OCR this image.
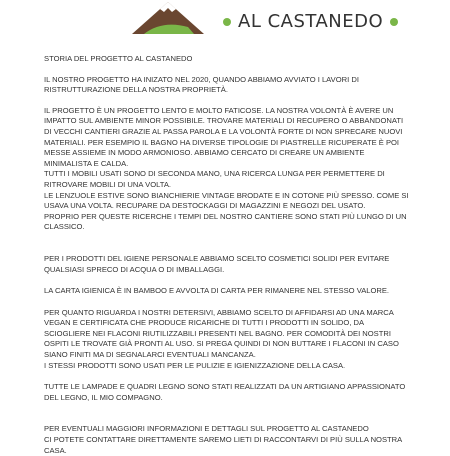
AL CASTANEDO

STORIA DEL PROGETTO AL CASTANEDO

IL NOSTRO PROGETTO HA INIZATO NEL 2020, QUANDO ABBIAMO AVVIATO I LAVORI DI RISTRUTTURAZIONE DELLA NOSTRA PROPRIETÀ.

IL PROGETTO È UN PROGETTO LENTO E MOLTO FATICOSE. LA NOSTRA VOLONTÀ È AVERE UN IMPATTO SUL AMBIENTE MINOR POSSIBILE. TROVARE MATERIALI DI RECUPERO O ABBANDONATI DI VECCHI CANTIERI GRAZIE AL PASSA PAROLA E LA VOLONTÀ FORTE DI NON SPRECARE NUOVI MATERIALI. PER ESEMPIO IL BAGNO HA DIVERSE TIPOLOGIE DI PIASTRELLE RICUPERATE È POI MESSE ASSIEME IN MODO ARMONIOSO. ABBIAMO CERCATO DI CREARE UN AMBIENTE MINIMALISTA E CALDA.

TUTTI I MOBILI USATI SONO DI SECONDA MANO, UNA RICERCA LUNGA PER PERMETTERE DI RITROVARE MOBILI DI UNA VOLTA.

LE LENZUOLE ESTIVE SONO BIANCHIERIE VINTAGE BRODATE E IN COTONE PIÙ SPESSO. COME SI USAVA UNA VOLTA. RECUPARE DA DESTOCKAGGI DI MAGAZZINI E NEGOZI DEL USATO.

PROPRIO PER QUESTE RICERCHE I TEMPI DEL NOSTRO CANTIERE SONO STATI PIÙ LUNGO DI UN CLASSICO.

PER I PRODOTTI DEL IGIENE PERSONALE ABBIAMO SCELTO COSMETICI SOLIDI PER EVITARE QUALSIASI SPRECO DI ACQUA O DI IMBALLAGGI.

LA CARTA IGIENICA È IN BAMBOO E AVVOLTA DI CARTA PER RIMANERE NEL STESSO VALORE.

PER QUANTO RIGUARDA I NOSTRI DETERSIVI, ABBIAMO SCELTO DI AFFIDARSI AD UNA MARCA VEGAN E CERTIFICATA CHE PRODUCE RICARICHE DI TUTTI I PRODOTTI IN SOLIDO, DA SCIOGLIERE NEI FLACONI RIUTILIZZABILI PRESENTI NEL BAGNO. PER COMODITÀ DEI NOSTRI OSPITI LE TROVATE GIÀ PRONTI AL USO. SI PREGA QUINDI DI NON BUTTARE I FLACONI IN CASO SIANO FINITI MA DI SEGNALARCI EVENTUALI MANCANZA.

I STESSI PRODOTTI SONO USATI PER LE PULIZIE E IGIENIZZAZIONE DELLA CASA.

TUTTE LE LAMPADE E QUADRI LEGNO SONO STATI REALIZZATI DA UN ARTIGIANO APPASSIONATO DEL LEGNO, IL MIO COMPAGNO.

PER EVENTUALI MAGGIORI INFORMAZIONI E DETTAGLI SUL PROGETTO AL CASTANEDO

CI POTETE CONTATTARE DIRETTAMENTE SAREMO LIETI DI RACCONTARVI DI PIÙ SULLA NOSTRA CASA.
